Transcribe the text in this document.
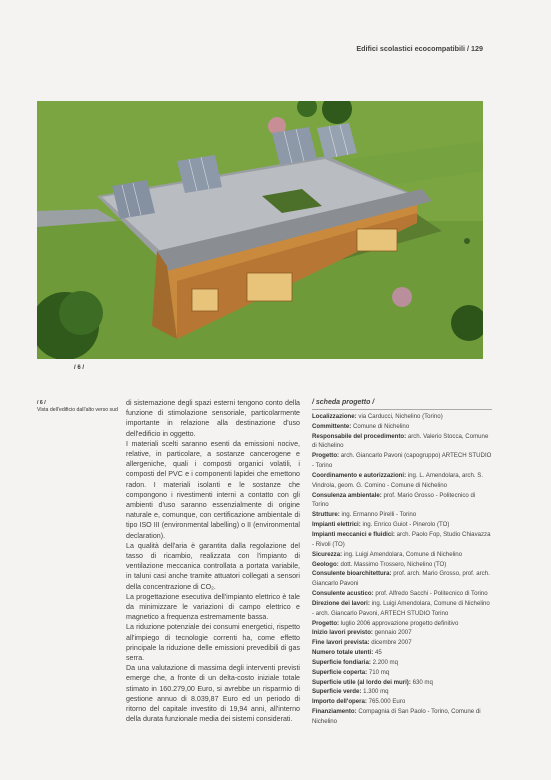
Edifici scolastici ecocompatibili / 129
/ 6 /
/ 6 /
Vista dell'edificio dall'alto verso sud

di sistemazione degli spazi esterni tengono conto della funzione di stimolazione sensoriale, particolarmente importante in relazione alla destinazione d'uso dell'edificio in oggetto.

I materiali scelti saranno esenti da emissioni nocive, relative, in particolare, a sostanze cancerogene e allergeniche, quali i composti organici volatili, i composti del PVC e i componenti lapidei che emettono radon. I materiali isolanti e le sostanze che compongono i rivestimenti interni a contatto con gli ambienti d'uso saranno essenzialmente di origine naturale e, comunque, con certificazione ambientale di tipo ISO III (environmental labelling) o II (environmental declaration).

La qualità dell'aria è garantita dalla regolazione del tasso di ricambio, realizzata con l'impianto di ventilazione meccanica controllata a portata variabile, in taluni casi anche tramite attuatori collegati a sensori della concentrazione di CO₂.

La progettazione esecutiva dell'impianto elettrico è tale da minimizzare le variazioni di campo elettrico e magnetico a frequenza estremamente bassa.

La riduzione potenziale dei consumi energetici, rispetto all'impiego di tecnologie correnti ha, come effetto principale la riduzione delle emissioni prevedibili di gas serra.

Da una valutazione di massima degli interventi previsti emerge che, a fronte di un delta-costo iniziale totale stimato in 160.279,00 Euro, si avrebbe un risparmio di gestione annuo di 8.039,87 Euro ed un periodo di ritorno del capitale investito di 19,94 anni, all'interno della durata funzionale media dei sistemi considerati.

/ scheda progetto /

Localizzazione: via Carducci, Nichelino (Torino)

Committente: Comune di Nichelino

Responsabile del procedimento: arch. Valerio Stocca, Comune di Nichelino

Progetto: arch. Giancarlo Pavoni (capogruppo) ARTECH STUDIO - Torino

Coordinamento e autorizzazioni: ing. L. Amendolara, arch. S. Vindrola, geom. G. Comino - Comune di Nichelino

Consulenza ambientale: prof. Mario Grosso - Politecnico di Torino

Strutture: ing. Ermanno Pirelli - Torino

Impianti elettrici: ing. Enrico Guiot - Pinerolo (TO)

Impianti meccanici e fluidici: arch. Paolo Fop, Studio Chiavazza - Rivoli (TO)

Sicurezza: ing. Luigi Amendolara, Comune di Nichelino

Geologo: dott. Massimo Trossero, Nichelino (TO)

Consulente bioarchitettura: prof. arch. Mario Grosso, prof. arch. Giancarlo Pavoni

Consulente acustico: prof. Alfredo Sacchi - Politecnico di Torino

Direzione dei lavori: ing. Luigi Amendolara, Comune di Nichelino - arch. Giancarlo Pavoni, ARTECH STUDIO Torino

Progetto: luglio 2006 approvazione progetto definitivo

Inizio lavori previsto: gennaio 2007

Fine lavori prevista: dicembre 2007

Numero totale utenti: 45

Superficie fondiaria: 2.200 mq

Superficie coperta: 710 mq

Superficie utile (al lordo dei muri): 630 mq

Superficie verde: 1.300 mq

Importo dell'opera: 765.000 Euro

Finanziamento: Compagnia di San Paolo - Torino, Comune di Nichelino
